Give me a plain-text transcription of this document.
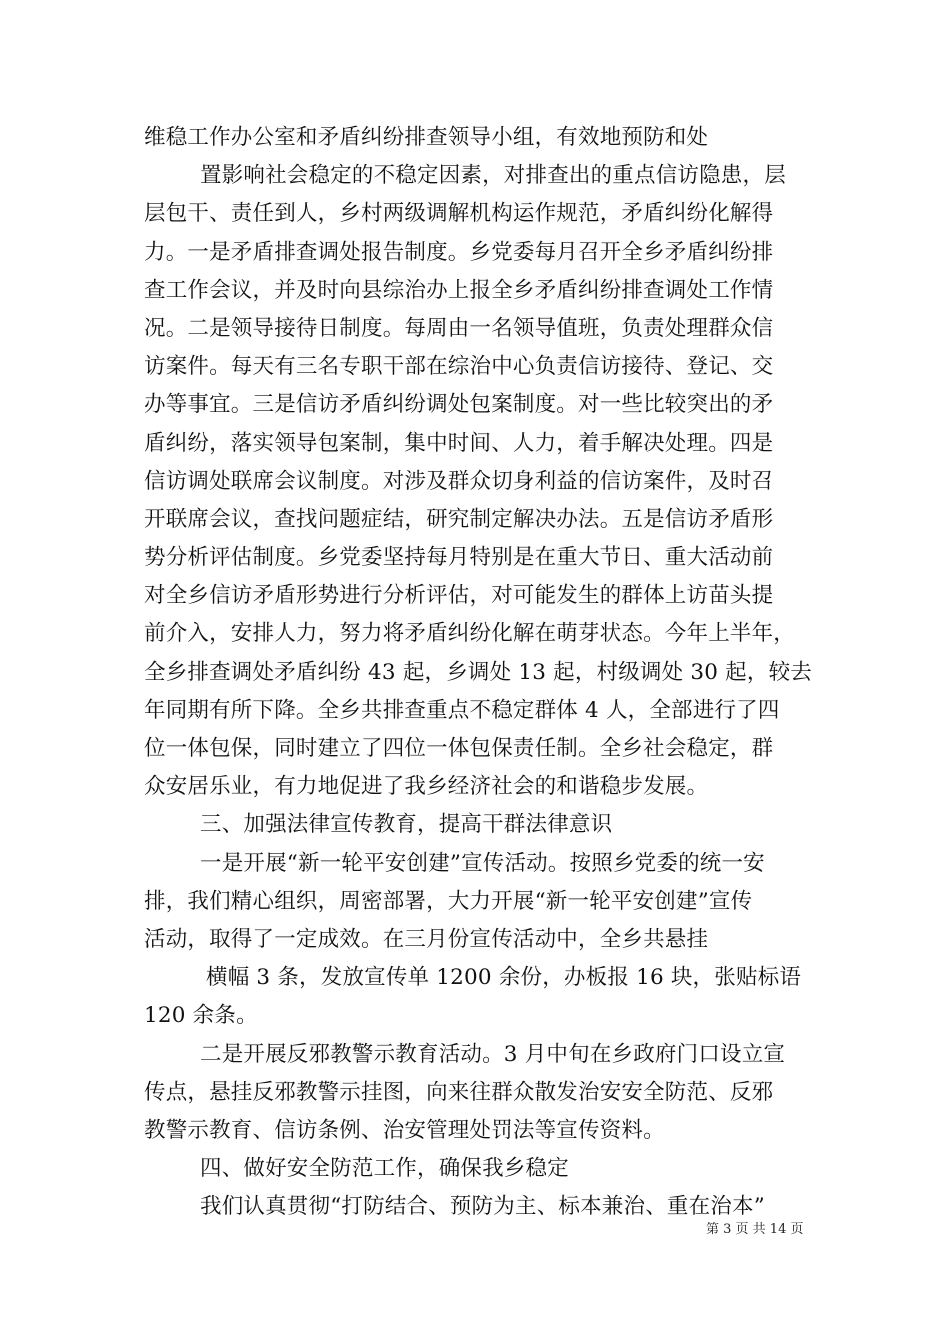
维稳工作办公室和矛盾纠纷排查领导小组，有效地预防和处
置影响社会稳定的不稳定因素，对排查出的重点信访隐患，层
层包干、责任到人，乡村两级调解机构运作规范，矛盾纠纷化解得
力。一是矛盾排查调处报告制度。乡党委每月召开全乡矛盾纠纷排
查工作会议，并及时向县综治办上报全乡矛盾纠纷排查调处工作情
况。二是领导接待日制度。每周由一名领导值班，负责处理群众信
访案件。每天有三名专职干部在综治中心负责信访接待、登记、交
办等事宜。三是信访矛盾纠纷调处包案制度。对一些比较突出的矛
盾纠纷，落实领导包案制，集中时间、人力，着手解决处理。四是
信访调处联席会议制度。对涉及群众切身利益的信访案件，及时召
开联席会议，查找问题症结，研究制定解决办法。五是信访矛盾形
势分析评估制度。乡党委坚持每月特别是在重大节日、重大活动前
对全乡信访矛盾形势进行分析评估，对可能发生的群体上访苗头提
前介入，安排人力，努力将矛盾纠纷化解在萌芽状态。今年上半年，
全乡排查调处矛盾纠纷 43 起，乡调处 13 起，村级调处 30 起，较去
年同期有所下降。全乡共排查重点不稳定群体 4 人，全部进行了四
位一体包保，同时建立了四位一体包保责任制。全乡社会稳定，群
众安居乐业，有力地促进了我乡经济社会的和谐稳步发展。
三、加强法律宣传教育，提高干群法律意识
一是开展“新一轮平安创建”宣传活动。按照乡党委的统一安
排，我们精心组织，周密部署，大力开展“新一轮平安创建”宣传
活动，取得了一定成效。在三月份宣传活动中，全乡共悬挂
横幅 3 条，发放宣传单 1200 余份，办板报 16 块，张贴标语
120 余条。
二是开展反邪教警示教育活动。3 月中旬在乡政府门口设立宣
传点，悬挂反邪教警示挂图，向来往群众散发治安安全防范、反邪
教警示教育、信访条例、治安管理处罚法等宣传资料。
四、做好安全防范工作，确保我乡稳定
我们认真贯彻“打防结合、预防为主、标本兼治、重在治本”
第 3 页 共 14 页
